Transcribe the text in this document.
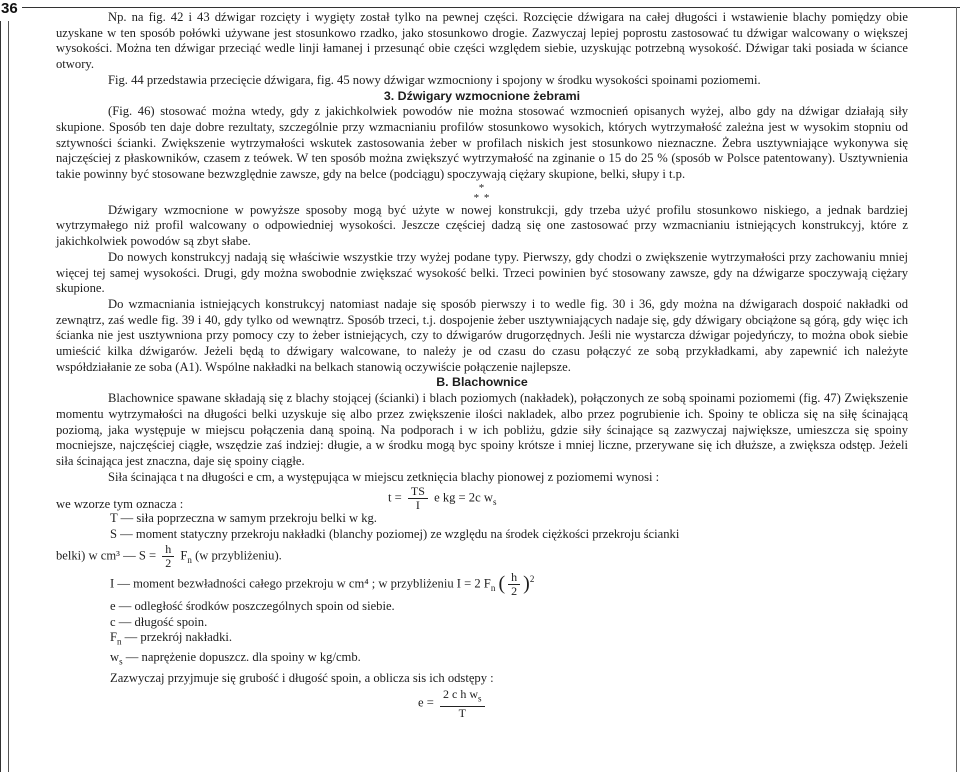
36	Np. na fig. 42 i 43 dźwigar rozcięty i wygięty został tylko na pewnej części. Rozcięcie dźwigara na całej długości i wstawienie blachy pomiędzy obie uzyskane w ten sposób połówki używane jest stosunkowo rzadko, jako stosunkowo drogie. Zazwyczaj lepiej poprostu zastosować tu dźwigar walcowany o większej wysokości. Można ten dźwigar przeciąć wedle linji łamanej i przesunąć obie części względem siebie, uzyskując potrzebną wysokość. Dźwigar taki posiada w ściance otwory.

Fig. 44 przedstawia przecięcie dźwigara, fig. 45 nowy dźwigar wzmocniony i spojony w środku wysokości spoinami poziomemi.

3. Dźwigary wzmocnione żebrami

(Fig. 46) stosować można wtedy, gdy z jakichkolwiek powodów nie można stosować wzmocnień opisanych wyżej, albo gdy na dźwigar działają siły skupione. Sposób ten daje dobre rezultaty, szczególnie przy wzmacnianiu profilów stosunkowo wysokich, których wytrzymałość zależna jest w wysokim stopniu od sztywności ścianki. Zwiększenie wytrzymałości wskutek zastosowania żeber w profilach niskich jest stosunkowo nieznaczne. Żebra usztywniające wykonywa się najczęściej z płaskowników, czasem z teówek. W ten sposób można zwiększyć wytrzymałość na zginanie o 15 do 25 % (sposób w Polsce patentowany). Usztywnienia takie powinny być stosowane bezwzględnie zawsze, gdy na belce (podciągu) spoczywają ciężary skupione, belki, słupy i t.p.

*
* *

Dźwigary wzmocnione w powyższe sposoby mogą być użyte w nowej konstrukcji, gdy trzeba użyć profilu stosunkowo niskiego, a jednak bardziej wytrzymałego niż profil walcowany o odpowiedniej wysokości. Jeszcze częściej dadzą się one zastosować przy wzmacnianiu istniejących konstrukcyj, które z jakichkolwiek powodów są zbyt słabe.

Do nowych konstrukcyj nadają się właściwie wszystkie trzy wyżej podane typy. Pierwszy, gdy chodzi o zwiększenie wytrzymałości przy zachowaniu mniej więcej tej samej wysokości. Drugi, gdy można swobodnie zwiększać wysokość belki. Trzeci powinien być stosowany zawsze, gdy na dźwigarze spoczywają ciężary skupione.

Do wzmacniania istniejących konstrukcyj natomiast nadaje się sposób pierwszy i to wedle fig. 30 i 36, gdy można na dźwigarach dospoić nakładki od zewnątrz, zaś wedle fig. 39 i 40, gdy tylko od wewnątrz. Sposób trzeci, t.j. dospojenie żeber usztywniających nadaje się, gdy dźwigary obciążone są górą, gdy więc ich ścianka nie jest usztywniona przy pomocy czy to żeber istniejących, czy to dźwigarów drugorzędnych. Jeśli nie wystarcza dźwigar pojedyńczy, to można obok siebie umieścić kilka dźwigarów. Jeżeli będą to dźwigary walcowane, to należy je od czasu do czasu połączyć ze sobą przykładkami, aby zapewnić ich należyte współdziałanie ze soba (A1). Wspólne nakładki na belkach stanowią oczywiście połączenie najlepsze.

B. Blachownice

Blachownice spawane składają się z blachy stojącej (ścianki) i blach poziomych (nakładek), połączonych ze sobą spoinami poziomemi (fig. 47) Zwiększenie momentu wytrzymałości na długości belki uzyskuje się albo przez zwiększenie ilości nakladek, albo przez pogrubienie ich. Spoiny te oblicza się na siłę ścinającą poziomą, jaka występuje w miejscu połączenia daną spoiną. Na podporach i w ich pobliżu, gdzie siły ścinające są zazwyczaj największe, umieszcza się spoiny mocniejsze, najczęściej ciągłe, wszędzie zaś indziej: długie, a w środku mogą byc spoiny krótsze i mniej liczne, przerywane się ich dłuższe, a zwiększa odstęp. Jeżeli siła ścinająca jest znaczna, daje się spoiny ciągłe.

Siła ścinająca t na długości e cm, a występująca w miejscu zetknięcia blachy pionowej z poziomemi wynosi :

$t = \frac{TS}{I}$ e kg = 2c $w_s$
we wzorze tym oznacza :

T — siła poprzeczna w samym przekroju belki w kg.

S — moment statyczny przekroju nakładki (blanchy poziomej) ze względu na środek ciężkości przekroju ścianki

belki) w cm³ — $S = \frac{h}{2} F_n$ (w przybliżeniu).

I — moment bezwładności całego przekroju w cm⁴ ; w przybliżeniu I = 2 $F_n$ ( $\frac{h}{2} )^2$

e — odległość środków poszczególnych spoin od siebie.

c — długość spoin.

$F_n$ — przekrój nakładki.

$w_s$ — naprężenie dopuszcz. dla spoiny w kg/cmb.

Zazwyczaj przyjmuje się grubość i długość spoin, a oblicza sis ich odstępy :

$e = \frac{2 c h w_s}{T}$
